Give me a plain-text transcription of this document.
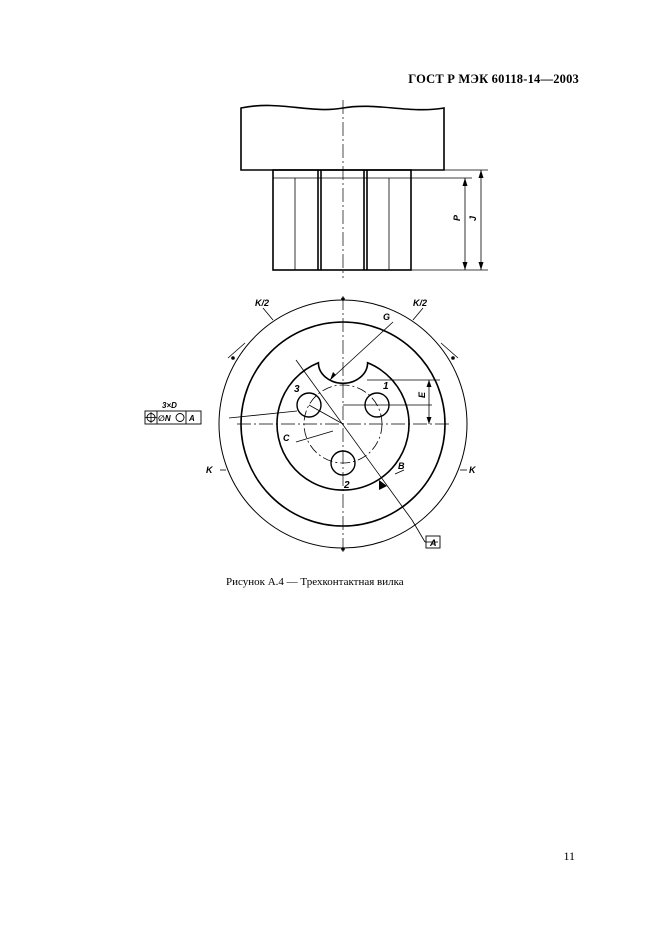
ГОСТ Р МЭК 60118-14—2003
P J
K/2	K/2
G
E
C
B
K	K
A
1
2
3
3×D
∅N A
Рисунок А.4 — Трехконтактная вилка
11
